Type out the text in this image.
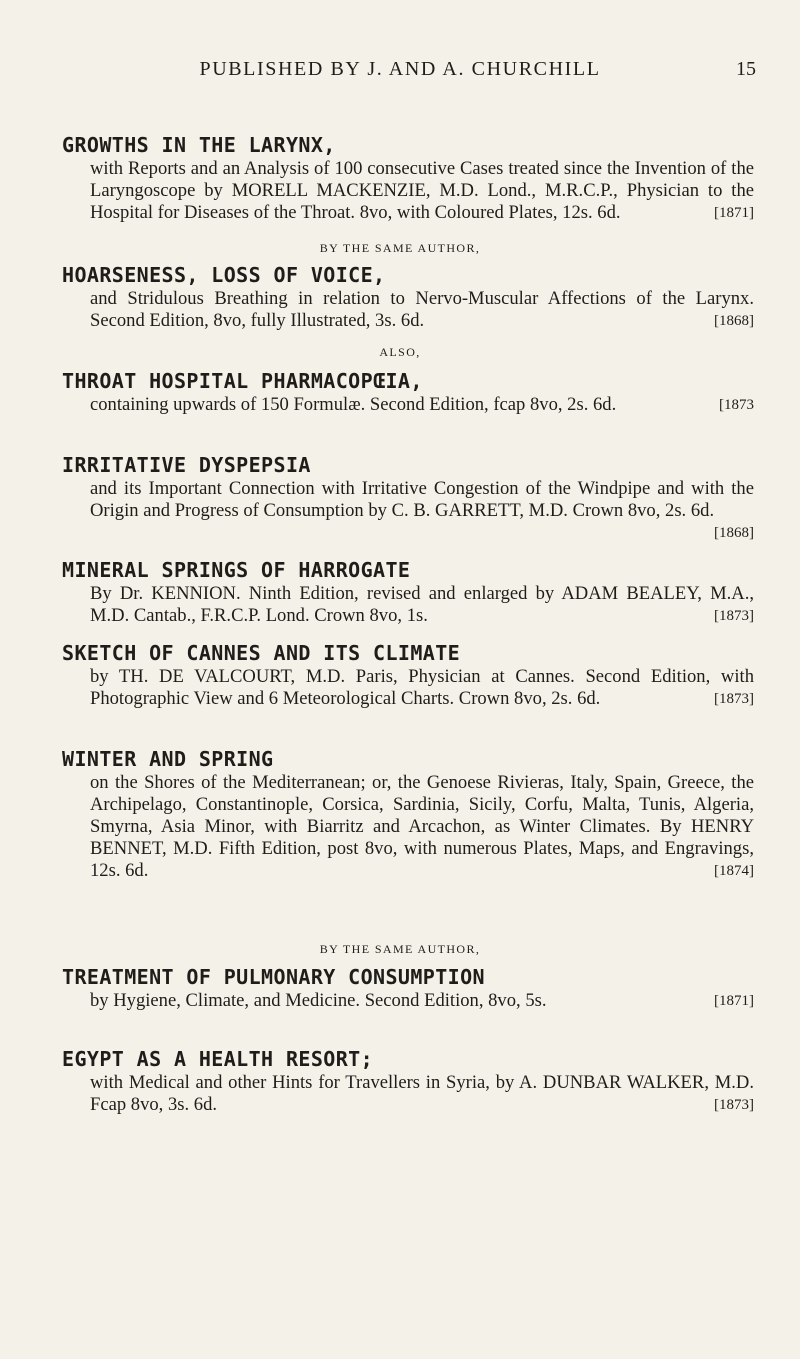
PUBLISHED BY J. AND A. CHURCHILL	15
GROWTHS IN THE LARYNX,
with Reports and an Analysis of 100 consecutive Cases treated since the Invention of the Laryngoscope by MORELL MACKENZIE, M.D. Lond., M.R.C.P., Physician to the Hospital for Diseases of the Throat. 8vo, with Coloured Plates, 12s. 6d.	[1871]
BY THE SAME AUTHOR,
HOARSENESS, LOSS OF VOICE,
and Stridulous Breathing in relation to Nervo-Muscular Affections of the Larynx. Second Edition, 8vo, fully Illustrated, 3s. 6d.	[1868]
ALSO,
THROAT HOSPITAL PHARMACOPŒIA,
containing upwards of 150 Formulæ. Second Edition, fcap 8vo, 2s. 6d.	[1873
IRRITATIVE DYSPEPSIA
and its Important Connection with Irritative Congestion of the Windpipe and with the Origin and Progress of Consumption by C. B. GARRETT, M.D. Crown 8vo, 2s. 6d.
[1868]
MINERAL SPRINGS OF HARROGATE
By Dr. KENNION. Ninth Edition, revised and enlarged by ADAM BEALEY, M.A., M.D. Cantab., F.R.C.P. Lond. Crown 8vo, 1s.	[1873]
SKETCH OF CANNES AND ITS CLIMATE
by TH. DE VALCOURT, M.D. Paris, Physician at Cannes. Second Edition, with Photographic View and 6 Meteorological Charts. Crown 8vo, 2s. 6d.	[1873]
WINTER AND SPRING
on the Shores of the Mediterranean; or, the Genoese Rivieras, Italy, Spain, Greece, the Archipelago, Constantinople, Corsica, Sardinia, Sicily, Corfu, Malta, Tunis, Algeria, Smyrna, Asia Minor, with Biarritz and Arcachon, as Winter Climates. By HENRY BENNET, M.D. Fifth Edition, post 8vo, with numerous Plates, Maps, and Engravings, 12s. 6d.	[1874]
BY THE SAME AUTHOR,
TREATMENT OF PULMONARY CONSUMPTION
by Hygiene, Climate, and Medicine. Second Edition, 8vo, 5s.	[1871]
EGYPT AS A HEALTH RESORT;
with Medical and other Hints for Travellers in Syria, by A. DUNBAR WALKER, M.D. Fcap 8vo, 3s. 6d.	[1873]
